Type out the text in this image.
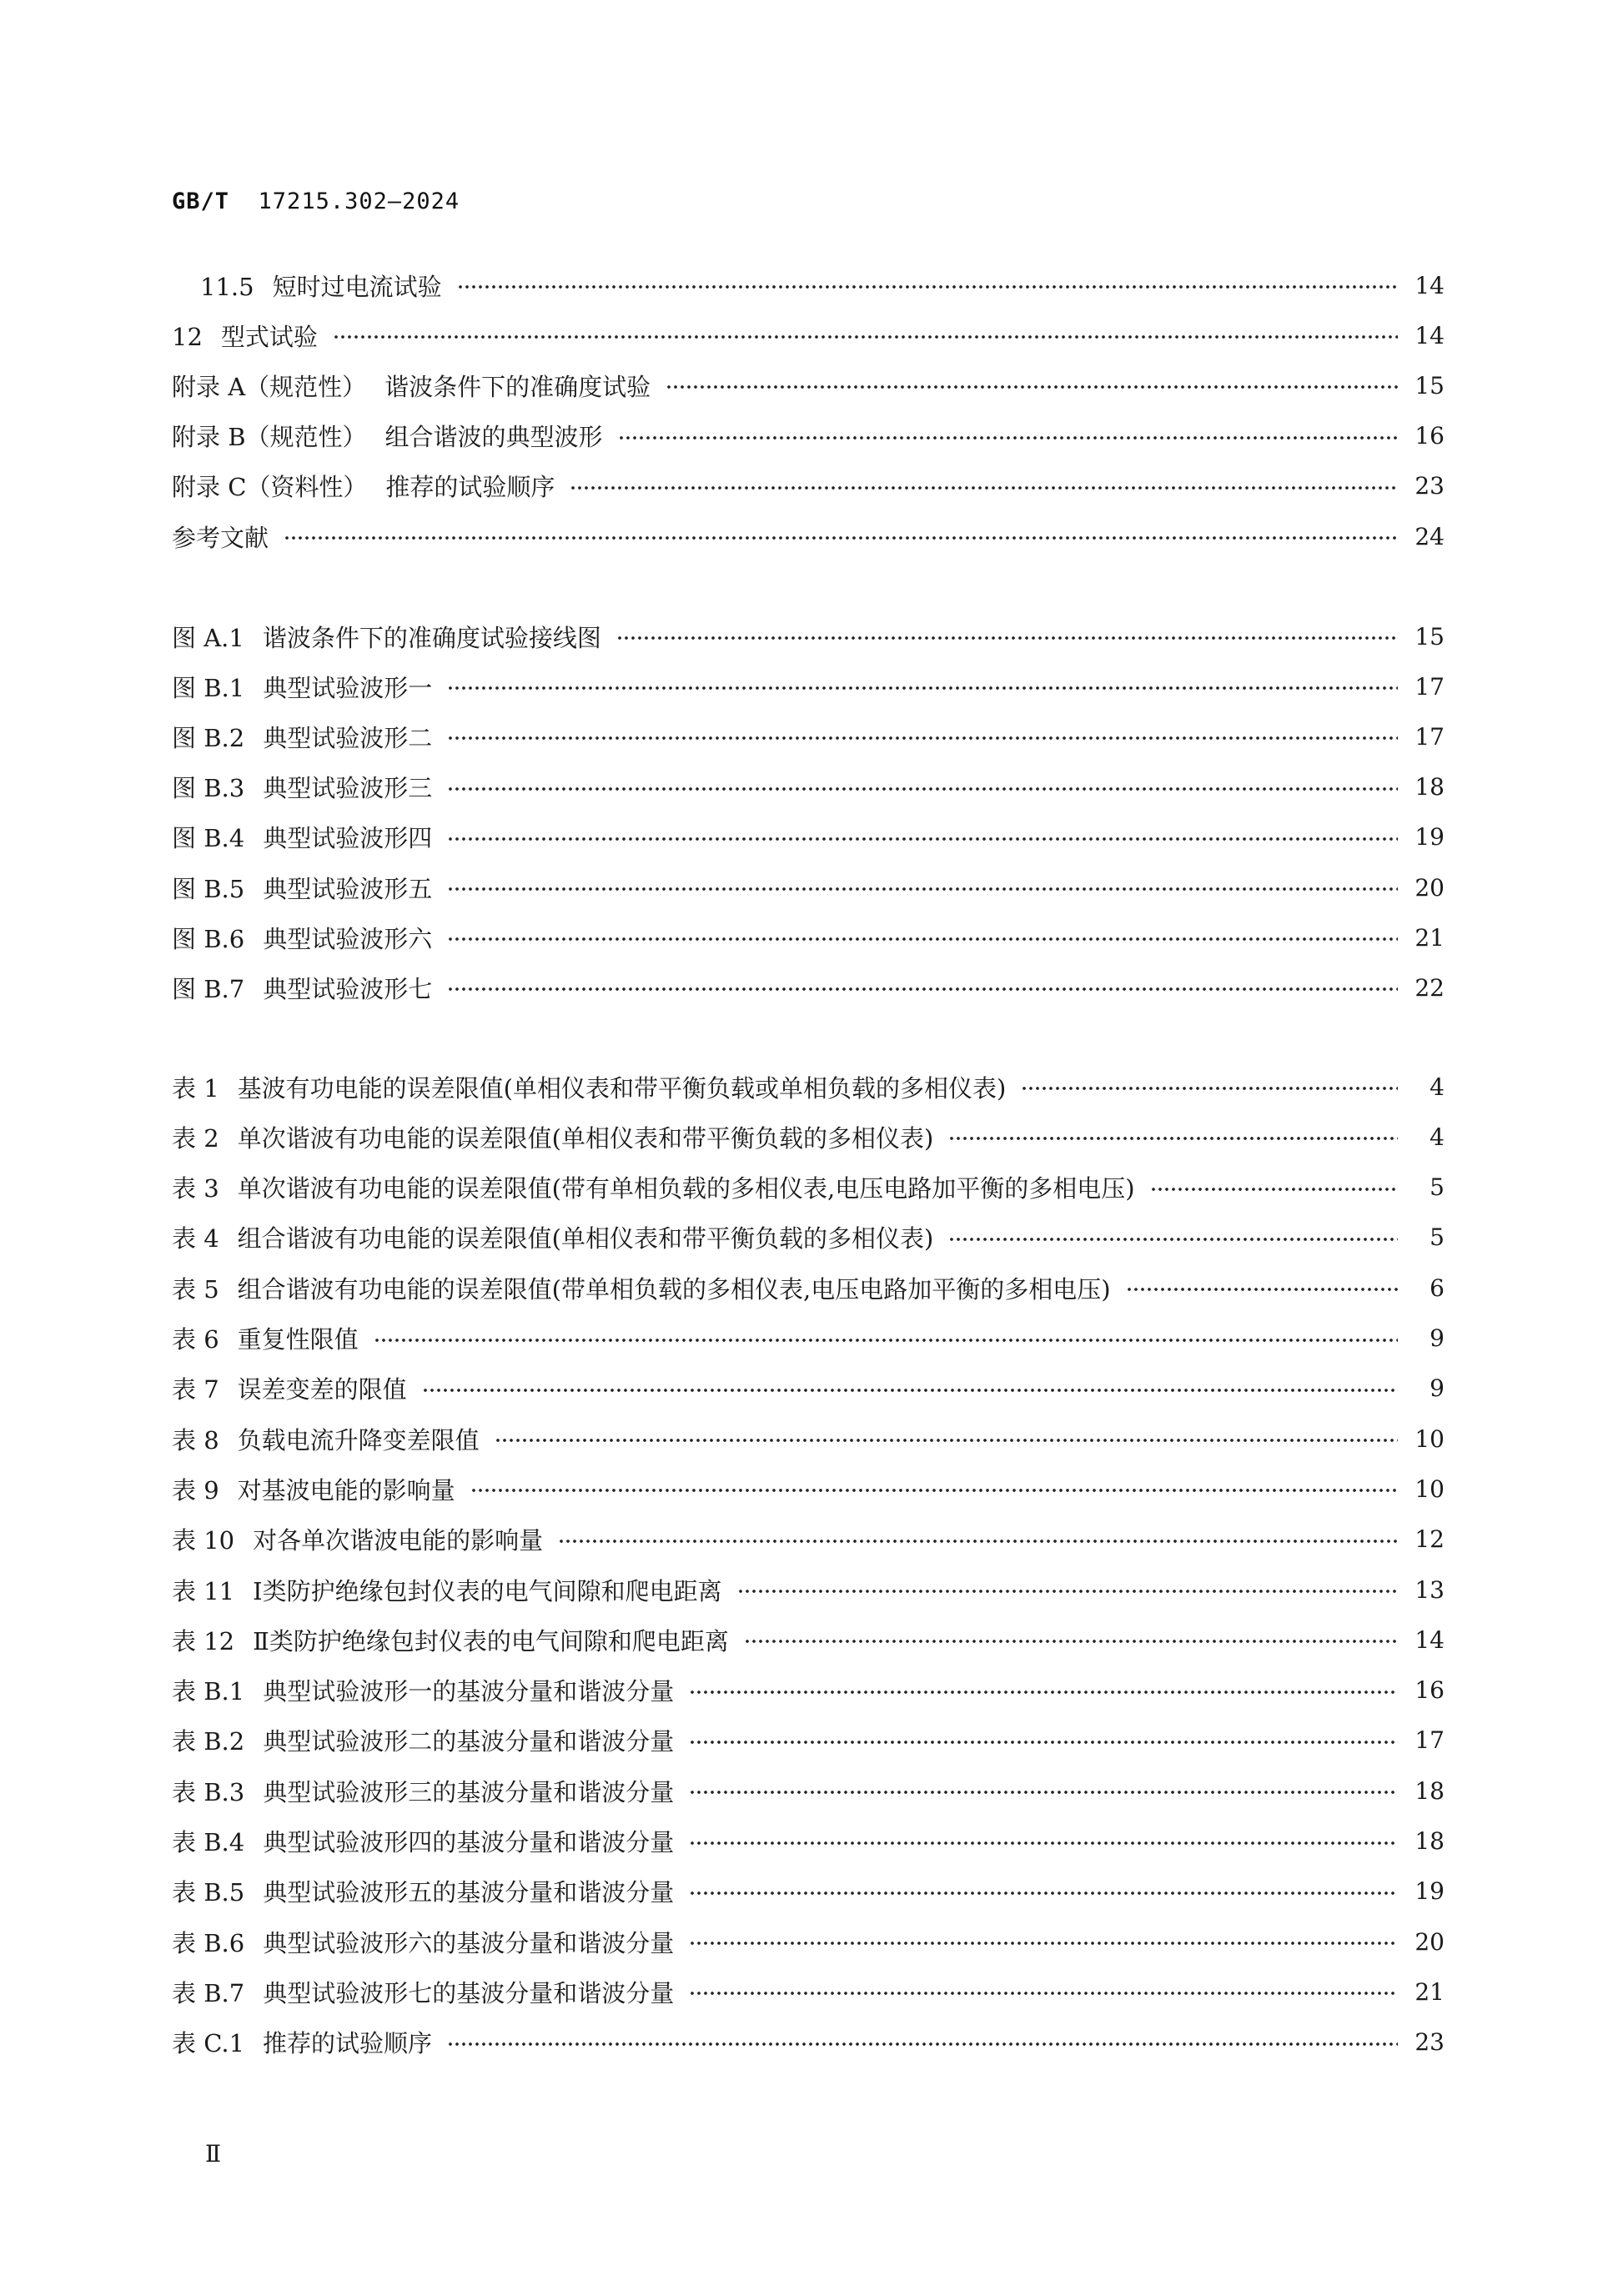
GB/T 17215.302—2024
11.5 短时过电流试验	14
12 型式试验	14
附录 A（规范性） 谐波条件下的准确度试验	15
附录 B（规范性） 组合谐波的典型波形	16
附录 C（资料性） 推荐的试验顺序	23
参考文献	24
图 A.1 谐波条件下的准确度试验接线图	15
图 B.1 典型试验波形一	17
图 B.2 典型试验波形二	17
图 B.3 典型试验波形三	18
图 B.4 典型试验波形四	19
图 B.5 典型试验波形五	20
图 B.6 典型试验波形六	21
图 B.7 典型试验波形七	22
表 1 基波有功电能的误差限值(单相仪表和带平衡负载或单相负载的多相仪表)	4
表 2 单次谐波有功电能的误差限值(单相仪表和带平衡负载的多相仪表)	4
表 3 单次谐波有功电能的误差限值(带有单相负载的多相仪表,电压电路加平衡的多相电压)	5
表 4 组合谐波有功电能的误差限值(单相仪表和带平衡负载的多相仪表)	5
表 5 组合谐波有功电能的误差限值(带单相负载的多相仪表,电压电路加平衡的多相电压)	6
表 6 重复性限值	9
表 7 误差变差的限值	9
表 8 负载电流升降变差限值	10
表 9 对基波电能的影响量	10
表 10 对各单次谐波电能的影响量	12
表 11 Ⅰ类防护绝缘包封仪表的电气间隙和爬电距离	13
表 12 Ⅱ类防护绝缘包封仪表的电气间隙和爬电距离	14
表 B.1 典型试验波形一的基波分量和谐波分量	16
表 B.2 典型试验波形二的基波分量和谐波分量	17
表 B.3 典型试验波形三的基波分量和谐波分量	18
表 B.4 典型试验波形四的基波分量和谐波分量	18
表 B.5 典型试验波形五的基波分量和谐波分量	19
表 B.6 典型试验波形六的基波分量和谐波分量	20
表 B.7 典型试验波形七的基波分量和谐波分量	21
表 C.1 推荐的试验顺序	23
Ⅱ
